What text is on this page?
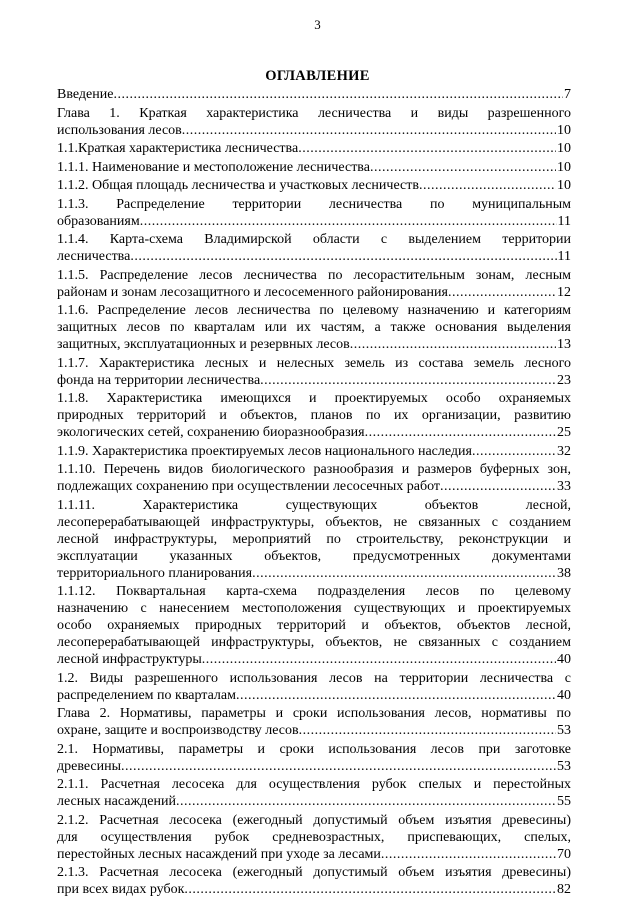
3
ОГЛАВЛЕНИЕ
Введение .....	7
Глава 1. Краткая характеристика лесничества и виды разрешенного
использования лесов .....	10
1.1.Краткая характеристика лесничества .....	10
1.1.1. Наименование и местоположение лесничества .....	10
1.1.2. Общая площадь лесничества и участковых лесничеств .....	10
1.1.3. Распределение территории лесничества по муниципальным
образованиям .....	11
1.1.4. Карта-схема Владимирской области с выделением территории
лесничества .....	11
1.1.5. Распределение лесов лесничества по лесорастительным зонам, лесным
районам и зонам лесозащитного и лесосеменного районирования .....	12
1.1.6. Распределение лесов лесничества по целевому назначению и категориям
защитных лесов по кварталам или их частям, а также основания выделения
защитных, эксплуатационных и резервных лесов .....	13
1.1.7. Характеристика лесных и нелесных земель из состава земель лесного
фонда на территории лесничества .....	23
1.1.8. Характеристика имеющихся и проектируемых особо охраняемых
природных территорий и объектов, планов по их организации, развитию
экологических сетей, сохранению биоразнообразия .....	25
1.1.9. Характеристика проектируемых лесов национального наследия .....	32
1.1.10. Перечень видов биологического разнообразия и размеров буферных зон,
подлежащих сохранению при осуществлении лесосечных работ .....	33
1.1.11. Характеристика существующих объектов лесной,
лесоперерабатывающей инфраструктуры, объектов, не связанных с созданием
лесной инфраструктуры, мероприятий по строительству, реконструкции и
эксплуатации указанных объектов, предусмотренных документами
территориального планирования .....	38
1.1.12. Поквартальная карта-схема подразделения лесов по целевому
назначению с нанесением местоположения существующих и проектируемых
особо охраняемых природных территорий и объектов, объектов лесной,
лесоперерабатывающей инфраструктуры, объектов, не связанных с созданием
лесной инфраструктуры .....	40
1.2. Виды разрешенного использования лесов на территории лесничества с
распределением по кварталам .....	40
Глава 2. Нормативы, параметры и сроки использования лесов, нормативы по
охране, защите и воспроизводству лесов .....	53
2.1. Нормативы, параметры и сроки использования лесов при заготовке
древесины .....	53
2.1.1. Расчетная лесосека для осуществления рубок спелых и перестойных
лесных насаждений .....	55
2.1.2. Расчетная лесосека (ежегодный допустимый объем изъятия древесины)
для осуществления рубок средневозрастных, приспевающих, спелых,
перестойных лесных насаждений при уходе за лесами .....	70
2.1.3. Расчетная лесосека (ежегодный допустимый объем изъятия древесины)
при всех видах рубок .....	82
